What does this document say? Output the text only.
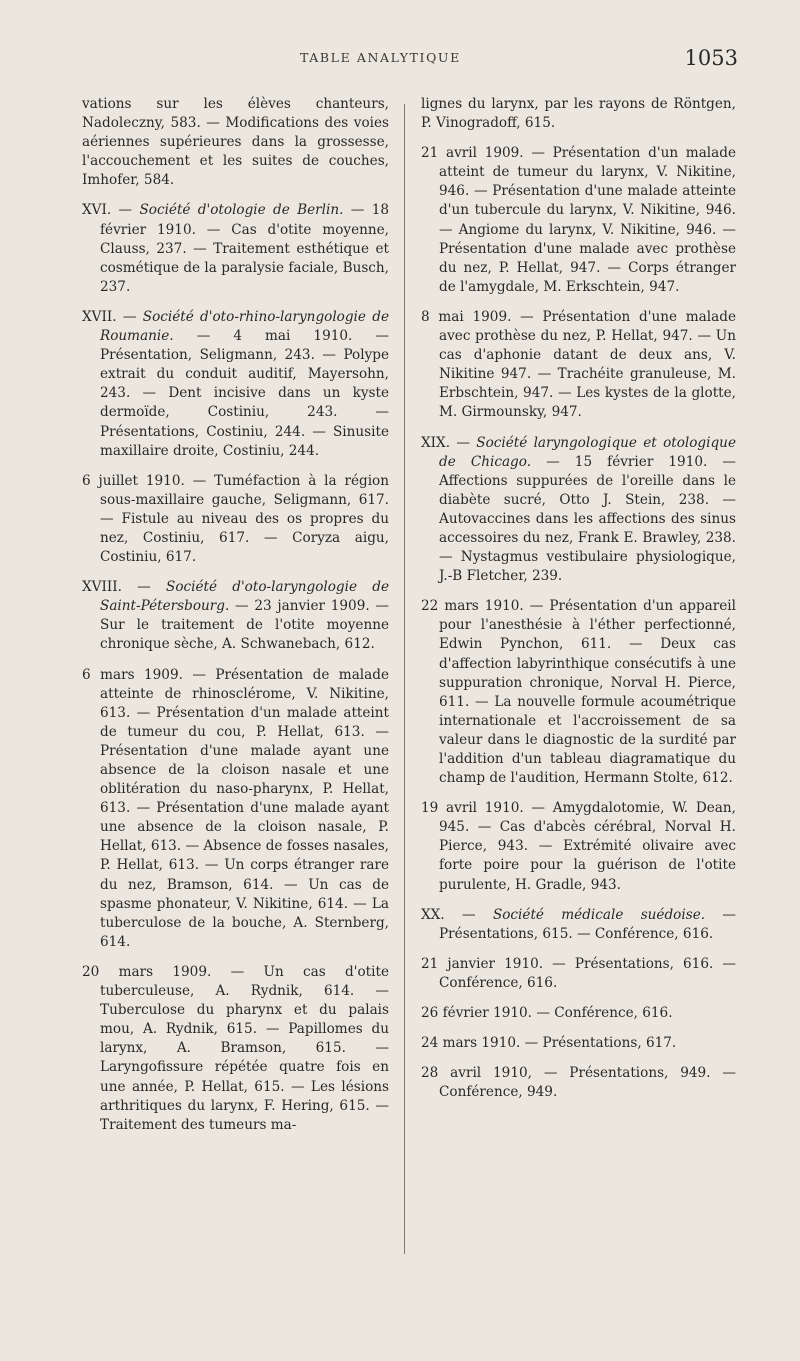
TABLE ANALYTIQUE	1053

vations sur les élèves chanteurs, Nadoleczny, 583. — Modifications des voies aériennes supérieures dans la grossesse, l'accouchement et les suites de couches, Imhofer, 584.

XVI. — Société d'otologie de Berlin. — 18 février 1910. — Cas d'otite moyenne, Clauss, 237. — Traitement esthétique et cosmétique de la paralysie faciale, Busch, 237.

XVII. — Société d'oto-rhino-laryngologie de Roumanie. — 4 mai 1910. — Présentation, Seligmann, 243. — Polype extrait du conduit auditif, Mayersohn, 243. — Dent incisive dans un kyste dermoïde, Costiniu, 243. — Présentations, Costiniu, 244. — Sinusite maxillaire droite, Costiniu, 244.

6 juillet 1910. — Tuméfaction à la région sous-maxillaire gauche, Seligmann, 617. — Fistule au niveau des os propres du nez, Costiniu, 617. — Coryza aigu, Costiniu, 617.

XVIII. — Société d'oto-laryngologie de Saint-Pétersbourg. — 23 janvier 1909. — Sur le traitement de l'otite moyenne chronique sèche, A. Schwanebach, 612.

6 mars 1909. — Présentation de malade atteinte de rhinosclérome, V. Nikitine, 613. — Présentation d'un malade atteint de tumeur du cou, P. Hellat, 613. — Présentation d'une malade ayant une absence de la cloison nasale et une oblitération du naso-pharynx, P. Hellat, 613. — Présentation d'une malade ayant une absence de la cloison nasale, P. Hellat, 613. — Absence de fosses nasales, P. Hellat, 613. — Un corps étranger rare du nez, Bramson, 614. — Un cas de spasme phonateur, V. Nikitine, 614. — La tuberculose de la bouche, A. Sternberg, 614.

20 mars 1909. — Un cas d'otite tuberculeuse, A. Rydnik, 614. — Tuberculose du pharynx et du palais mou, A. Rydnik, 615. — Papillomes du larynx, A. Bramson, 615. — Laryngofissure répétée quatre fois en une année, P. Hellat, 615. — Les lésions arthritiques du larynx, F. Hering, 615. — Traitement des tumeurs ma-

lignes du larynx, par les rayons de Röntgen, P. Vinogradoff, 615.

21 avril 1909. — Présentation d'un malade atteint de tumeur du larynx, V. Nikitine, 946. — Présentation d'une malade atteinte d'un tubercule du larynx, V. Nikitine, 946. — Angiome du larynx, V. Nikitine, 946. — Présentation d'une malade avec prothèse du nez, P. Hellat, 947. — Corps étranger de l'amygdale, M. Erkschtein, 947.

8 mai 1909. — Présentation d'une malade avec prothèse du nez, P. Hellat, 947. — Un cas d'aphonie datant de deux ans, V. Nikitine 947. — Trachéite granuleuse, M. Erbschtein, 947. — Les kystes de la glotte, M. Girmounsky, 947.

XIX. — Société laryngologique et otologique de Chicago. — 15 février 1910. — Affections suppurées de l'oreille dans le diabète sucré, Otto J. Stein, 238. — Autovaccines dans les affections des sinus accessoires du nez, Frank E. Brawley, 238. — Nystagmus vestibulaire physiologique, J.-B Fletcher, 239.

22 mars 1910. — Présentation d'un appareil pour l'anesthésie à l'éther perfectionné, Edwin Pynchon, 611. — Deux cas d'affection labyrinthique consécutifs à une suppuration chronique, Norval H. Pierce, 611. — La nouvelle formule acoumétrique internationale et l'accroissement de sa valeur dans le diagnostic de la surdité par l'addition d'un tableau diagramatique du champ de l'audition, Hermann Stolte, 612.

19 avril 1910. — Amygdalotomie, W. Dean, 945. — Cas d'abcès cérébral, Norval H. Pierce, 943. — Extrémité olivaire avec forte poire pour la guérison de l'otite purulente, H. Gradle, 943.

XX. — Société médicale suédoise. — Présentations, 615. — Conférence, 616.

21 janvier 1910. — Présentations, 616. — Conférence, 616.

26 février 1910. — Conférence, 616.

24 mars 1910. — Présentations, 617.

28 avril 1910, — Présentations, 949. — Conférence, 949.
